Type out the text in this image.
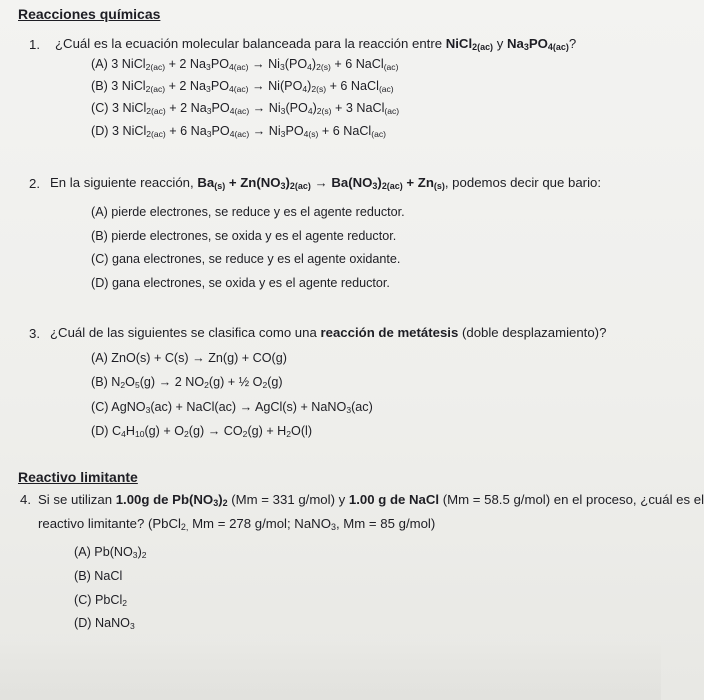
Reacciones químicas
1. ¿Cuál es la ecuación molecular balanceada para la reacción entre NiCl$_{2(ac)}$ y $Na_3PO_{4(ac)}$?
(A) 3 NiCl$_{2(ac)}$ + 2 $Na_3PO_{4(ac)} \to Ni_3(PO_4)_{2(s)} + 6$ NaCl$_{(ac)}$
(B) 3 NiCl$_{2(ac)}$ + 2 $Na_3PO_{4(ac)} \to Ni(PO_4)_{2(s)} + 6$ NaCl$_{(ac)}$
(C) 3 NiCl$_{2(ac)}$ + 2 $Na_3PO_{4(ac)} \to Ni_3(PO_4)_{2(s)} + 3$ NaCl$_{(ac)}$
(D) 3 NiCl$_{2(ac)}$ + 6 $Na_3PO_{4(ac)} \to Ni_3PO_{4(s)} + 6$ NaCl$_{(ac)}$
2. En la siguiente reacción, $Ba_{(s)} + Zn(NO_3)_{2(ac)} \to Ba(NO_3)_{2(ac)} + Zn_{(s)}$, podemos decir que bario:
(A) pierde electrones, se reduce y es el agente reductor.
(B) pierde electrones, se oxida y es el agente reductor.
(C) gana electrones, se reduce y es el agente oxidante.
(D) gana electrones, se oxida y es el agente reductor.
3. ¿Cuál de las siguientes se clasifica como una reacción de metátesis (doble desplazamiento)?
(A) ZnO(s) + C(s) → Zn(g) + CO(g)
(B) $N_2O_5(g) \to 2$ $NO_2(g)$ + ½ $O_2(g)$
(C) AgNO$_3$(ac) + NaCl(ac) → AgCl(s) + NaNO$_3$(ac)
(D) $C_4H_{10}(g) + O_2(g) \to CO_2(g) + H_2O(l)$
Reactivo limitante
4. Si se utilizan 1.00g de $Pb(NO_3)_2$ (Mm = 331 g/mol) y 1.00 g de NaCl (Mm = 58.5 g/mol) en el proceso, ¿cuál es el
reactivo limitante? (PbCl$_{2,}$ Mm = 278 g/mol; NaNO$_3$, Mm = 85 g/mol)
(A) $Pb(NO_3)_2$
(B) NaCl
(C) PbCl$_2$
(D) NaNO$_3$
